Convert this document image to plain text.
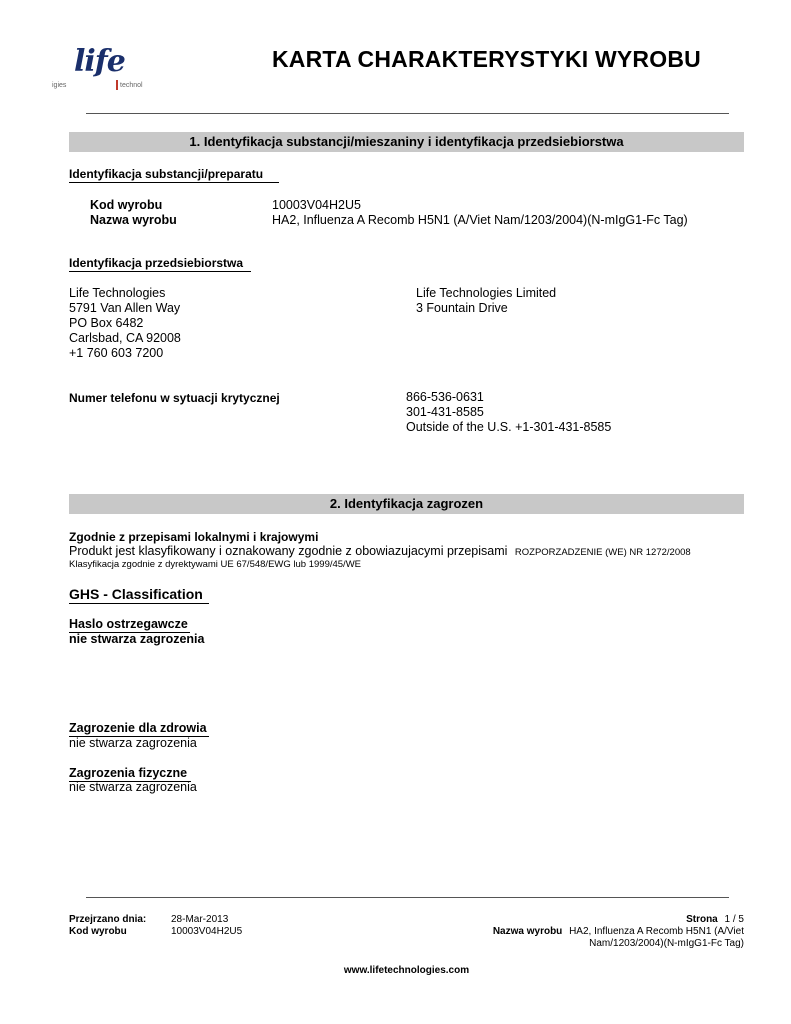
life
igies	technol
KARTA CHARAKTERYSTYKI WYROBU
1. Identyfikacja substancji/mieszaniny i identyfikacja przedsiebiorstwa
Identyfikacja substancji/preparatu
Kod wyrobu	10003V04H2U5
Nazwa wyrobu	HA2, Influenza A Recomb H5N1 (A/Viet Nam/1203/2004)(N-mIgG1-Fc Tag)
Identyfikacja przedsiebiorstwa
Life Technologies
5791 Van Allen Way
PO Box 6482
Carlsbad, CA 92008
+1 760 603 7200
Life Technologies Limited
3 Fountain Drive
Numer telefonu w sytuacji krytycznej	866-536-0631
301-431-8585
Outside of the U.S. +1-301-431-8585
2. Identyfikacja zagrozen
Zgodnie z przepisami lokalnymi i krajowymi
Produkt jest klasyfikowany i oznakowany zgodnie z obowiazujacymi przepisami ROZPORZADZENIE (WE) NR 1272/2008
Klasyfikacja zgodnie z dyrektywami UE 67/548/EWG lub 1999/45/WE
GHS - Classification
Haslo ostrzegawcze
nie stwarza zagrozenia
Zagrozenie dla zdrowia
nie stwarza zagrozenia
Zagrozenia fizyczne
nie stwarza zagrozenia
Przejrzano dnia: 28-Mar-2013
Kod wyrobu	10003V04H2U5
Strona 1 / 5
Nazwa wyrobu HA2, Influenza A Recomb H5N1 (A/Viet
Nam/1203/2004)(N-mIgG1-Fc Tag)
www.lifetechnologies.com
